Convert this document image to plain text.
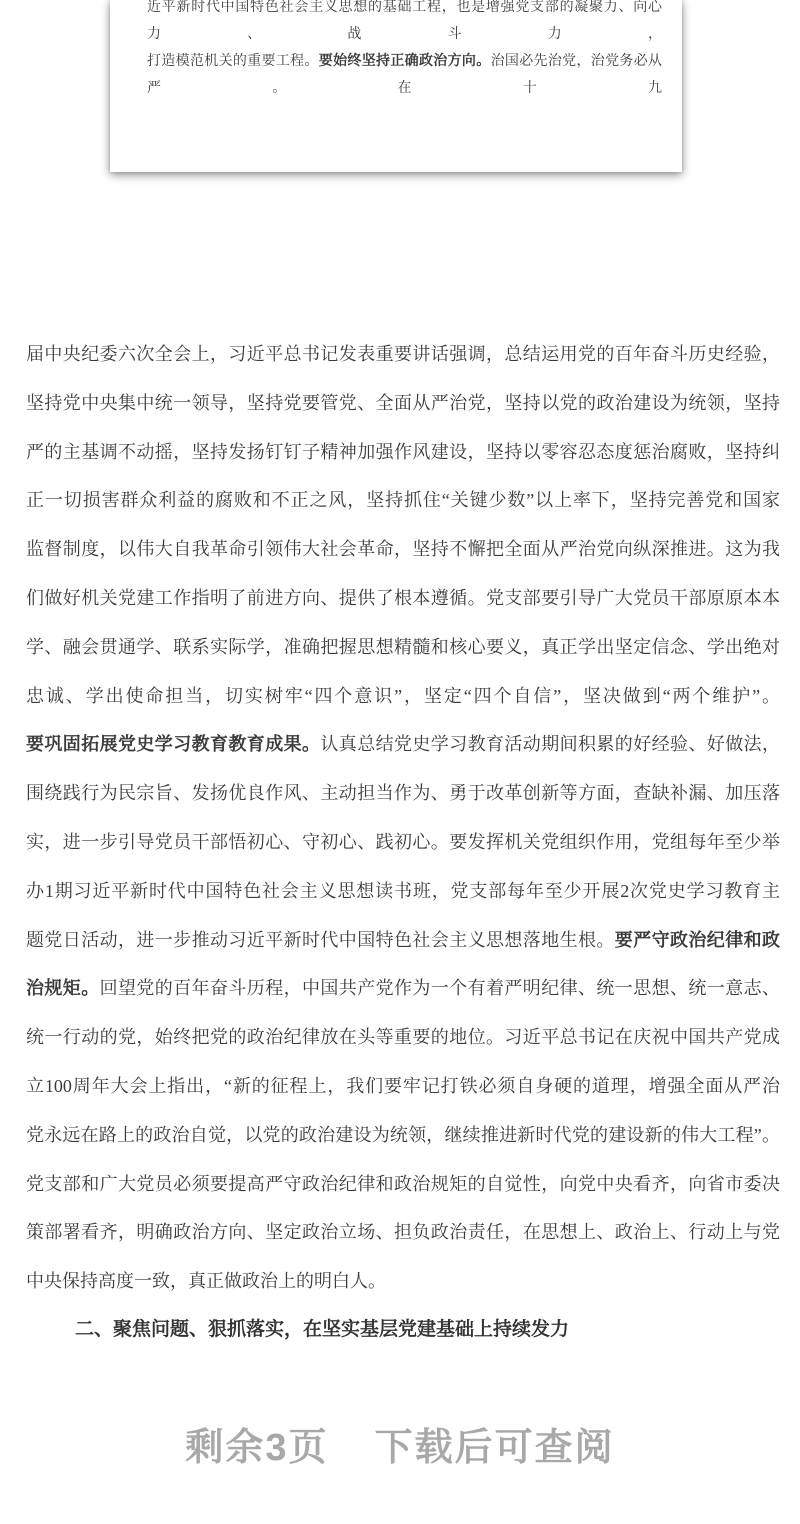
近平新时代中国特色社会主义思想的基础工程，也是增强党支部的凝聚力、向心力、战斗力，
打造模范机关的重要工程。要始终坚持正确政治方向。治国必先治党，治党务必从严。在十九
届中央纪委六次全会上，习近平总书记发表重要讲话强调，总结运用党的百年奋斗历史经验，
坚持党中央集中统一领导，坚持党要管党、全面从严治党，坚持以党的政治建设为统领，坚持
严的主基调不动摇，坚持发扬钉钉子精神加强作风建设，坚持以零容忍态度惩治腐败，坚持纠
正一切损害群众利益的腐败和不正之风，坚持抓住“关键少数”以上率下，坚持完善党和国家
监督制度，以伟大自我革命引领伟大社会革命，坚持不懈把全面从严治党向纵深推进。这为我
们做好机关党建工作指明了前进方向、提供了根本遵循。党支部要引导广大党员干部原原本本
学、融会贯通学、联系实际学，准确把握思想精髓和核心要义，真正学出坚定信念、学出绝对
忠诚、学出使命担当，切实树牢“四个意识”，坚定“四个自信”，坚决做到“两个维护”。
要巩固拓展党史学习教育教育成果。认真总结党史学习教育活动期间积累的好经验、好做法，
围绕践行为民宗旨、发扬优良作风、主动担当作为、勇于改革创新等方面，查缺补漏、加压落
实，进一步引导党员干部悟初心、守初心、践初心。要发挥机关党组织作用，党组每年至少举
办1期习近平新时代中国特色社会主义思想读书班，党支部每年至少开展2次党史学习教育主
题党日活动，进一步推动习近平新时代中国特色社会主义思想落地生根。要严守政治纪律和政
治规矩。回望党的百年奋斗历程，中国共产党作为一个有着严明纪律、统一思想、统一意志、
统一行动的党，始终把党的政治纪律放在头等重要的地位。习近平总书记在庆祝中国共产党成
立100周年大会上指出，“新的征程上，我们要牢记打铁必须自身硬的道理，增强全面从严治
党永远在路上的政治自觉，以党的政治建设为统领，继续推进新时代党的建设新的伟大工程”。
党支部和广大党员必须要提高严守政治纪律和政治规矩的自觉性，向党中央看齐，向省市委决
策部署看齐，明确政治方向、坚定政治立场、担负政治责任，在思想上、政治上、行动上与党
中央保持高度一致，真正做政治上的明白人。
二、聚焦问题、狠抓落实，在坚实基层党建基础上持续发力
剩余3页 下载后可查阅
